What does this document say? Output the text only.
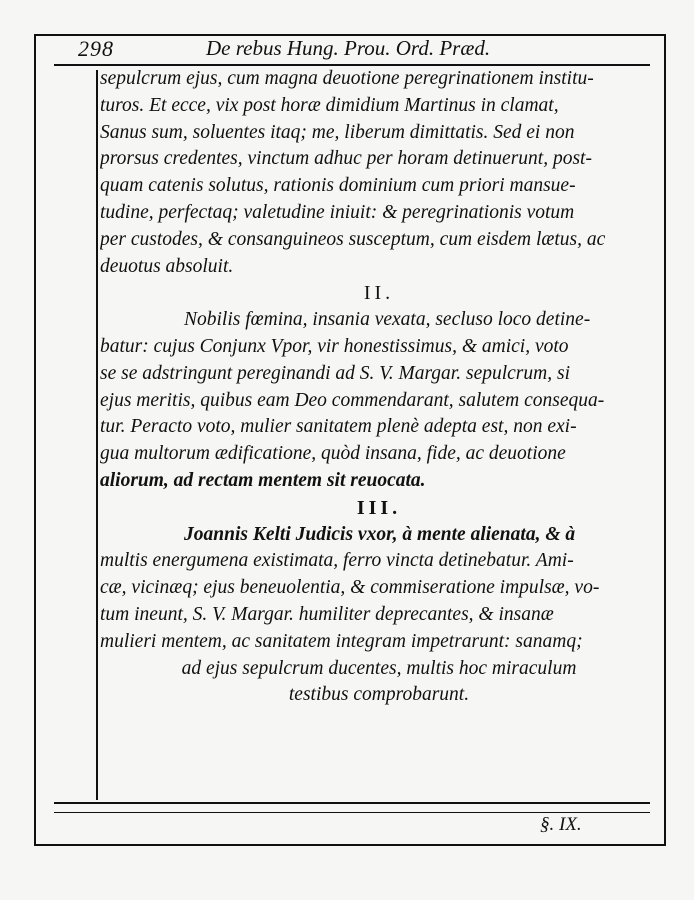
298	De rebus Hung. Prou. Ord. Præd.
sepulcrum ejus, cum magna deuotione peregrinationem institu-
turos. Et ecce, vix post horæ dimidium Martinus in clamat,
Sanus sum, soluentes itaq; me, liberum dimittatis. Sed ei non
prorsus credentes, vinctum adhuc per horam detinuerunt, post-
quam catenis solutus, rationis dominium cum priori mansue-
tudine, perfectaq; valetudine iniuit: & peregrinationis votum
per custodes, & consanguineos susceptum, cum eisdem lætus, ac
deuotus absoluit.
II.
Nobilis fœmina, insania vexata, secluso loco detine-
batur: cujus Conjunx Vpor, vir honestissimus, & amici, voto
se se adstringunt pereginandi ad S. V. Margar. sepulcrum, si
ejus meritis, quibus eam Deo commendarant, salutem consequa-
tur. Peracto voto, mulier sanitatem plenè adepta est, non exi-
gua multorum ædificatione, quòd insana, fide, ac deuotione
aliorum, ad rectam mentem sit reuocata.
III.
Joannis Kelti Judicis vxor, à mente alienata, & à
multis energumena existimata, ferro vincta detinebatur. Ami-
cæ, vicinæq; ejus beneuolentia, & commiseratione impulsæ, vo-
tum ineunt, S. V. Margar. humiliter deprecantes, & insanæ
mulieri mentem, ac sanitatem integram impetrarunt: sanamq;
ad ejus sepulcrum ducentes, multis hoc miraculum
testibus comprobarunt.
§. IX.
